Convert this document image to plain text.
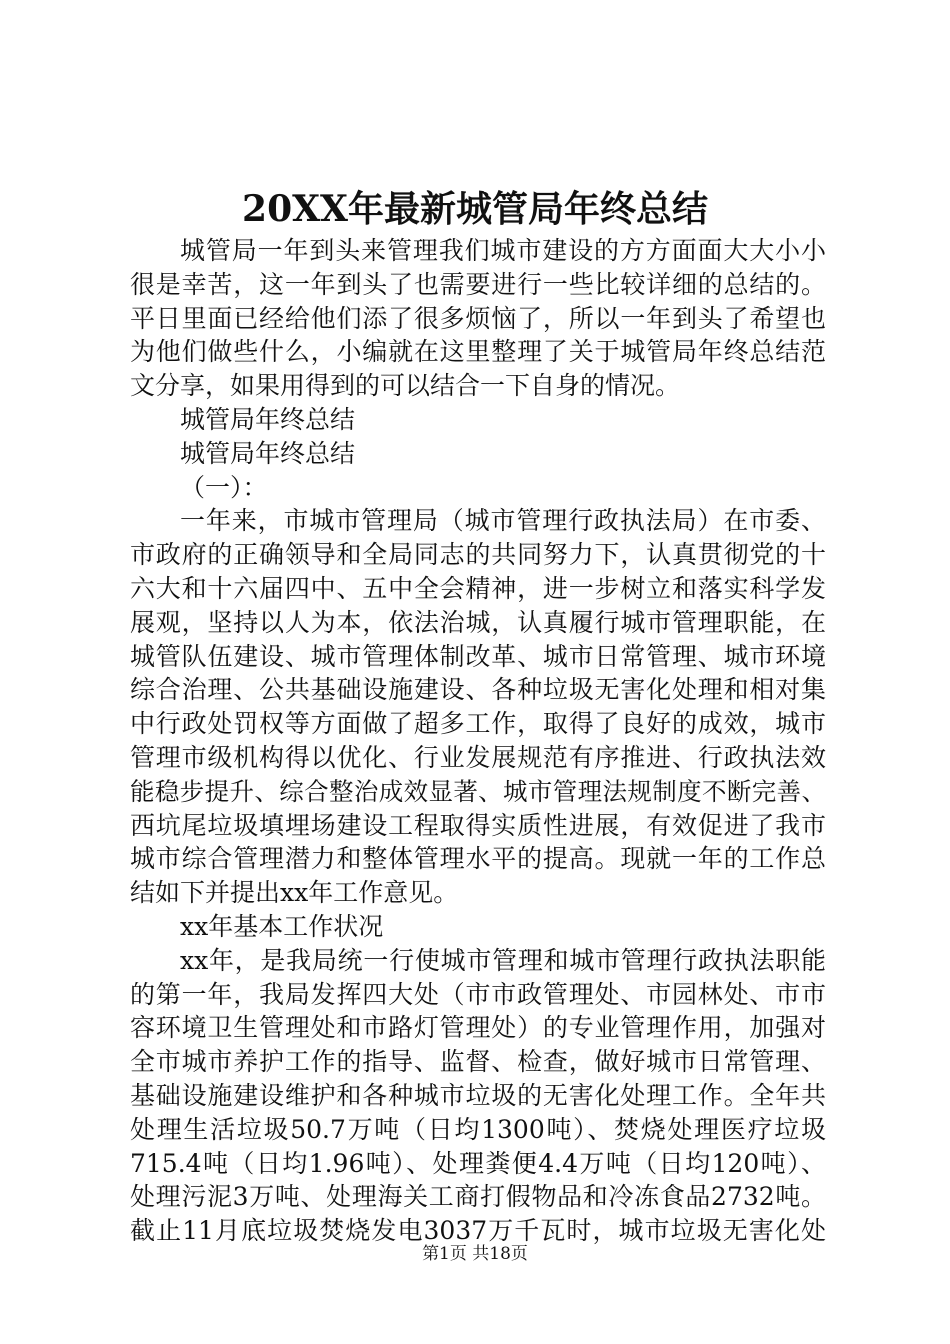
20XX年最新城管局年终总结
城管局一年到头来管理我们城市建设的方方面面大大小小
很是幸苦，这一年到头了也需要进行一些比较详细的总结的。
平日里面已经给他们添了很多烦恼了，所以一年到头了希望也
为他们做些什么，小编就在这里整理了关于城管局年终总结范
文分享，如果用得到的可以结合一下自身的情况。
城管局年终总结
城管局年终总结
（一）：
一年来，市城市管理局（城市管理行政执法局）在市委、
市政府的正确领导和全局同志的共同努力下，认真贯彻党的十
六大和十六届四中、五中全会精神，进一步树立和落实科学发
展观，坚持以人为本，依法治城，认真履行城市管理职能，在
城管队伍建设、城市管理体制改革、城市日常管理、城市环境
综合治理、公共基础设施建设、各种垃圾无害化处理和相对集
中行政处罚权等方面做了超多工作，取得了良好的成效，城市
管理市级机构得以优化、行业发展规范有序推进、行政执法效
能稳步提升、综合整治成效显著、城市管理法规制度不断完善、
西坑尾垃圾填埋场建设工程取得实质性进展，有效促进了我市
城市综合管理潜力和整体管理水平的提高。现就一年的工作总
结如下并提出xx年工作意见。
xx年基本工作状况
xx年，是我局统一行使城市管理和城市管理行政执法职能
的第一年，我局发挥四大处（市市政管理处、市园林处、市市
容环境卫生管理处和市路灯管理处）的专业管理作用，加强对
全市城市养护工作的指导、监督、检查，做好城市日常管理、
基础设施建设维护和各种城市垃圾的无害化处理工作。全年共
处理生活垃圾50.7万吨（日均1300吨）、焚烧处理医疗垃圾
715.4吨（日均1.96吨）、处理粪便4.4万吨（日均120吨）、
处理污泥3万吨、处理海关工商打假物品和冷冻食品2732吨。
截止11月底垃圾焚烧发电3037万千瓦时，城市垃圾无害化处
第1页 共18页
